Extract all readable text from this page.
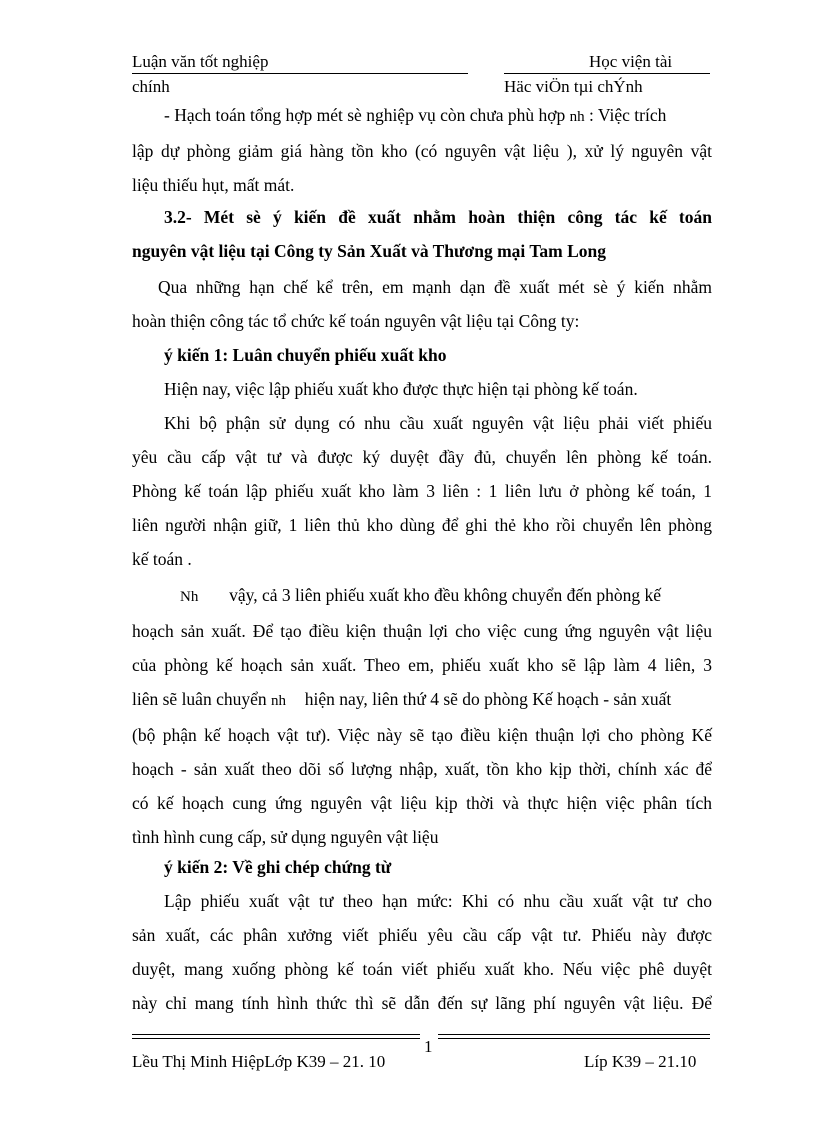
Luận văn tốt nghiệp	Học viện tài
chính	Häc viÖn tµi chÝnh
- Hạch toán tổng hợp mét sè nghiệp vụ còn chưa phù hợp nh : Việc trích
lập dự phòng giảm giá hàng tồn kho (có nguyên vật liệu ), xử lý nguyên vật
liệu thiếu hụt, mất mát.
3.2- Mét sè ý kiến đề xuất nhằm hoàn thiện công tác kế toán
nguyên vật liệu tại Công ty Sản Xuất và Thương mại Tam Long
Qua những hạn chế kể trên, em mạnh dạn đề xuất mét sè ý kiến nhằm
hoàn thiện công tác tổ chức kế toán nguyên vật liệu tại Công ty:
ý kiến 1: Luân chuyển phiếu xuất kho
Hiện nay, việc lập phiếu xuất kho được thực hiện tại phòng kế toán.
Khi bộ phận sử dụng có nhu cầu xuất nguyên vật liệu phải viết phiếu
yêu cầu cấp vật tư và được ký duyệt đầy đủ, chuyển lên phòng kế toán.
Phòng kế toán lập phiếu xuất kho làm 3 liên : 1 liên lưu ở phòng kế toán, 1
liên người nhận giữ, 1 liên thủ kho dùng để ghi thẻ kho rồi chuyển lên phòng
kế toán .
Nh vậy, cả 3 liên phiếu xuất kho đều không chuyển đến phòng kế
hoạch sản xuất. Để tạo điều kiện thuận lợi cho việc cung ứng nguyên vật liệu
của phòng kế hoạch sản xuất. Theo em, phiếu xuất kho sẽ lập làm 4 liên, 3
liên sẽ luân chuyển nh hiện nay, liên thứ 4 sẽ do phòng Kế hoạch - sản xuất
(bộ phận kế hoạch vật tư). Việc này sẽ tạo điều kiện thuận lợi cho phòng Kế
hoạch - sản xuất theo dõi số lượng nhập, xuất, tồn kho kịp thời, chính xác để
có kế hoạch cung ứng nguyên vật liệu kịp thời và thực hiện việc phân tích
tình hình cung cấp, sử dụng nguyên vật liệu
ý kiến 2: Về ghi chép chứng từ
Lập phiếu xuất vật tư theo hạn mức: Khi có nhu cầu xuất vật tư cho
sản xuất, các phân xưởng viết phiếu yêu cầu cấp vật tư. Phiếu này được
duyệt, mang xuống phòng kế toán viết phiếu xuất kho. Nếu việc phê duyệt
này chỉ mang tính hình thức thì sẽ dẫn đến sự lãng phí nguyên vật liệu. Để
1
Lều Thị Minh HiệpLớp K39 – 21. 10	Líp K39 – 21.10
